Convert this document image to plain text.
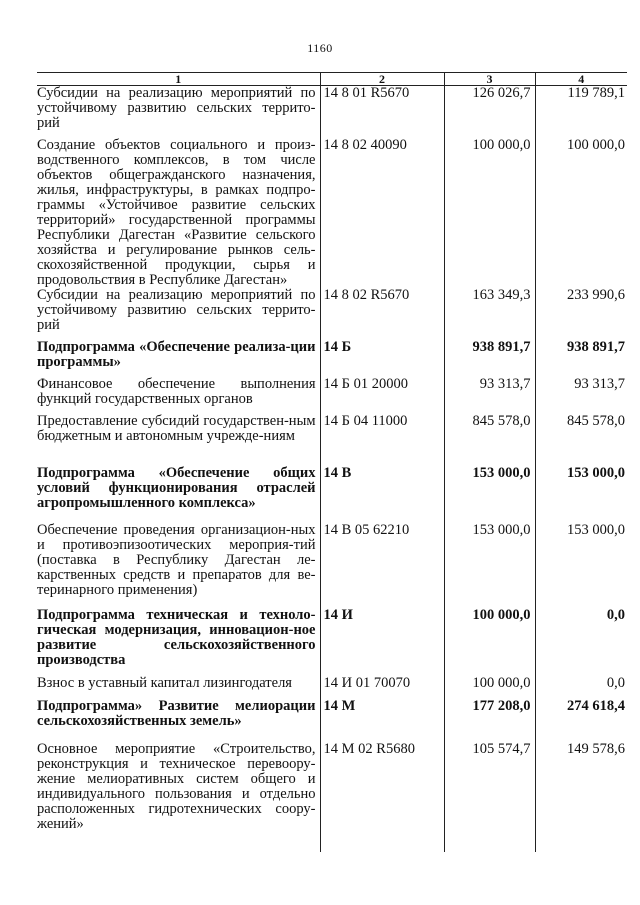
1160
1	2	3	4
Субсидии на реализацию мероприятий по устойчивому развитию сельских террито-рий	14 8 01 R5670	126 026,7	119 789,1
Создание объектов социального и произ-водственного комплексов, в том числе объектов общегражданского назначения, жилья, инфраструктуры, в рамках подпро-граммы «Устойчивое развитие сельских территорий» государственной программы Республики Дагестан «Развитие сельского хозяйства и регулирование рынков сель-скохозяйственной продукции, сырья и продовольствия в Республике Дагестан»	14 8 02 40090	100 000,0	100 000,0
Субсидии на реализацию мероприятий по устойчивому развитию сельских террито-рий	14 8 02 R5670	163 349,3	233 990,6
Подпрограмма «Обеспечение реализа-ции программы»	14 Б	938 891,7	938 891,7
Финансовое обеспечение выполнения функций государственных органов	14 Б 01 20000	93 313,7	93 313,7
Предоставление субсидий государствен-ным бюджетным и автономным учрежде-ниям	14 Б 04 11000	845 578,0	845 578,0
Подпрограмма «Обеспечение общих условий функционирования отраслей агропромышленного комплекса»	14 В	153 000,0	153 000,0
Обеспечение проведения организацион-ных и противоэпизоотических мероприя-тий (поставка в Республику Дагестан ле-карственных средств и препаратов для ве-теринарного применения)	14 В 05 62210	153 000,0	153 000,0
Подпрограмма техническая и техноло-гическая модернизация, инновацион-ное развитие сельскохозяйственного производства	14 И	100 000,0	0,0
Взнос в уставный капитал лизингодателя	14 И 01 70070	100 000,0	0,0
Подпрограмма» Развитие мелиорации сельскохозяйственных земель»	14 М	177 208,0	274 618,4
Основное мероприятие «Строительство, реконструкция и техническое перевоору-жение мелиоративных систем общего и индивидуального пользования и отдельно расположенных гидротехнических соору-жений»	14 М 02 R5680	105 574,7	149 578,6
